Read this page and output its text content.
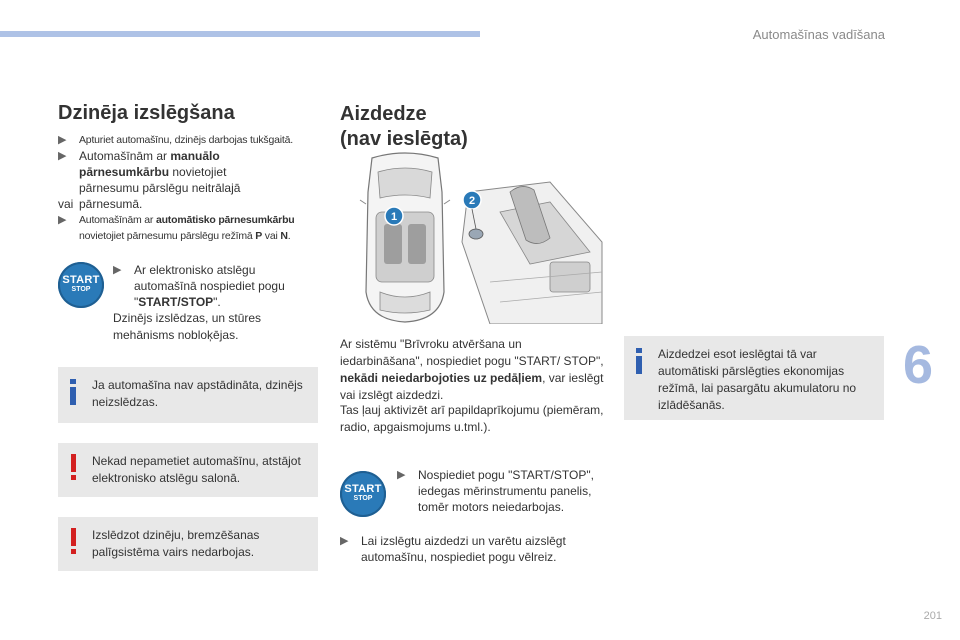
Automašīnas vadīšana
6
201
Dzinēja izslēgšana
▶︎ Apturiet automašīnu, dzinējs darbojas tukšgaitā.
▶︎ Automašīnām ar manuālo pārnesumkārbu novietojiet pārnesumu pārslēgu neitrālajā pārnesumā.
vai
▶︎ Automašīnām ar automātisko pārnesumkārbu novietojiet pārnesumu pārslēgu režīmā P vai N.
START
STOP
▶︎ Ar elektronisko atslēgu automašīnā nospiediet pogu "START/STOP".
Dzinējs izslēdzas, un stūres mehānisms nobloķējas.
Ja automašīna nav apstādināta, dzinējs neizslēdzas.
Nekad nepametiet automašīnu, atstājot elektronisko atslēgu salonā.
Izslēdzot dzinēju, bremzēšanas palīgsistēma vairs nedarbojas.
Aizdedze
(nav ieslēgta)
1
2
Ar sistēmu "Brīvroku atvēršana un iedarbināšana", nospiediet pogu "START/ STOP", nekādi neiedarbojoties uz pedāļiem, var ieslēgt vai izslēgt aizdedzi.
Tas ļauj aktivizēt arī papildaprīkojumu (piemēram, radio, apgaismojums u.tml.).
START
STOP
▶︎ Nospiediet pogu "START/STOP", iedegas mērinstrumentu panelis, tomēr motors neiedarbojas.
▶︎ Lai izslēgtu aizdedzi un varētu aizslēgt automašīnu, nospiediet pogu vēlreiz.
Aizdedzei esot ieslēgtai tā var automātiski pārslēgties ekonomijas režīmā, lai pasargātu akumulatoru no izlādēšanās.
